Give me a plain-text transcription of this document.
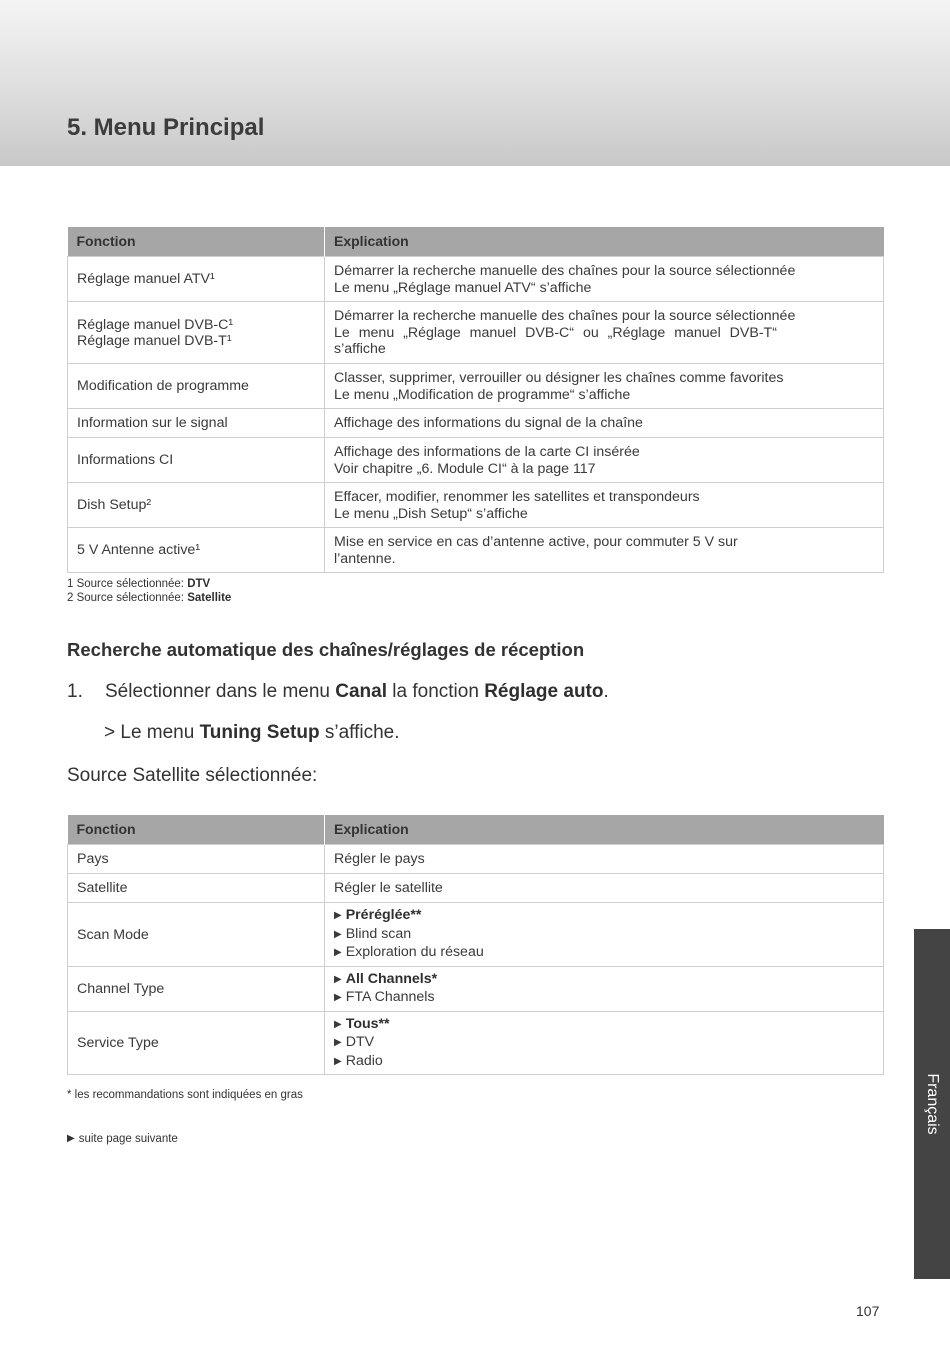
5. Menu Principal
Fonction	Explication

Réglage manuel ATV¹	Démarrer la recherche manuelle des chaînes pour la source sélectionnée
Le menu „Réglage manuel ATV“ s’affiche

Réglage manuel DVB-C¹
Réglage manuel DVB-T¹	Démarrer la recherche manuelle des chaînes pour la source sélectionnée
Le menu „Réglage manuel DVB-C“ ou „Réglage manuel DVB-T“
s’affiche

Modification de programme	Classer, supprimer, verrouiller ou désigner les chaînes comme favorites
Le menu „Modification de programme“ s’affiche

Information sur le signal	Affichage des informations du signal de la chaîne

Informations CI	Affichage des informations de la carte CI insérée
Voir chapitre „6. Module CI“ à la page 117

Dish Setup²	Effacer, modifier, renommer les satellites et transpondeurs
Le menu „Dish Setup“ s’affiche

5 V Antenne active¹	Mise en service en cas d’antenne active, pour commuter 5 V sur
l’antenne.
1 Source sélectionnée: DTV
2 Source sélectionnée: Satellite
Recherche automatique des chaînes/réglages de réception
1. Sélectionner dans le menu Canal la fonction Réglage auto.
> Le menu Tuning Setup s’affiche.
Source Satellite sélectionnée:
Fonction	Explication
Pays	Régler le pays
Satellite	Régler le satellite
Scan Mode	▶ Préréglée**
▶ Blind scan
▶ Exploration du réseau

Channel Type	▶ All Channels*
▶ FTA Channels

Service Type	▶ Tous**
▶ DTV
▶ Radio
* les recommandations sont indiquées en gras
▶ suite page suivante
Français
107
